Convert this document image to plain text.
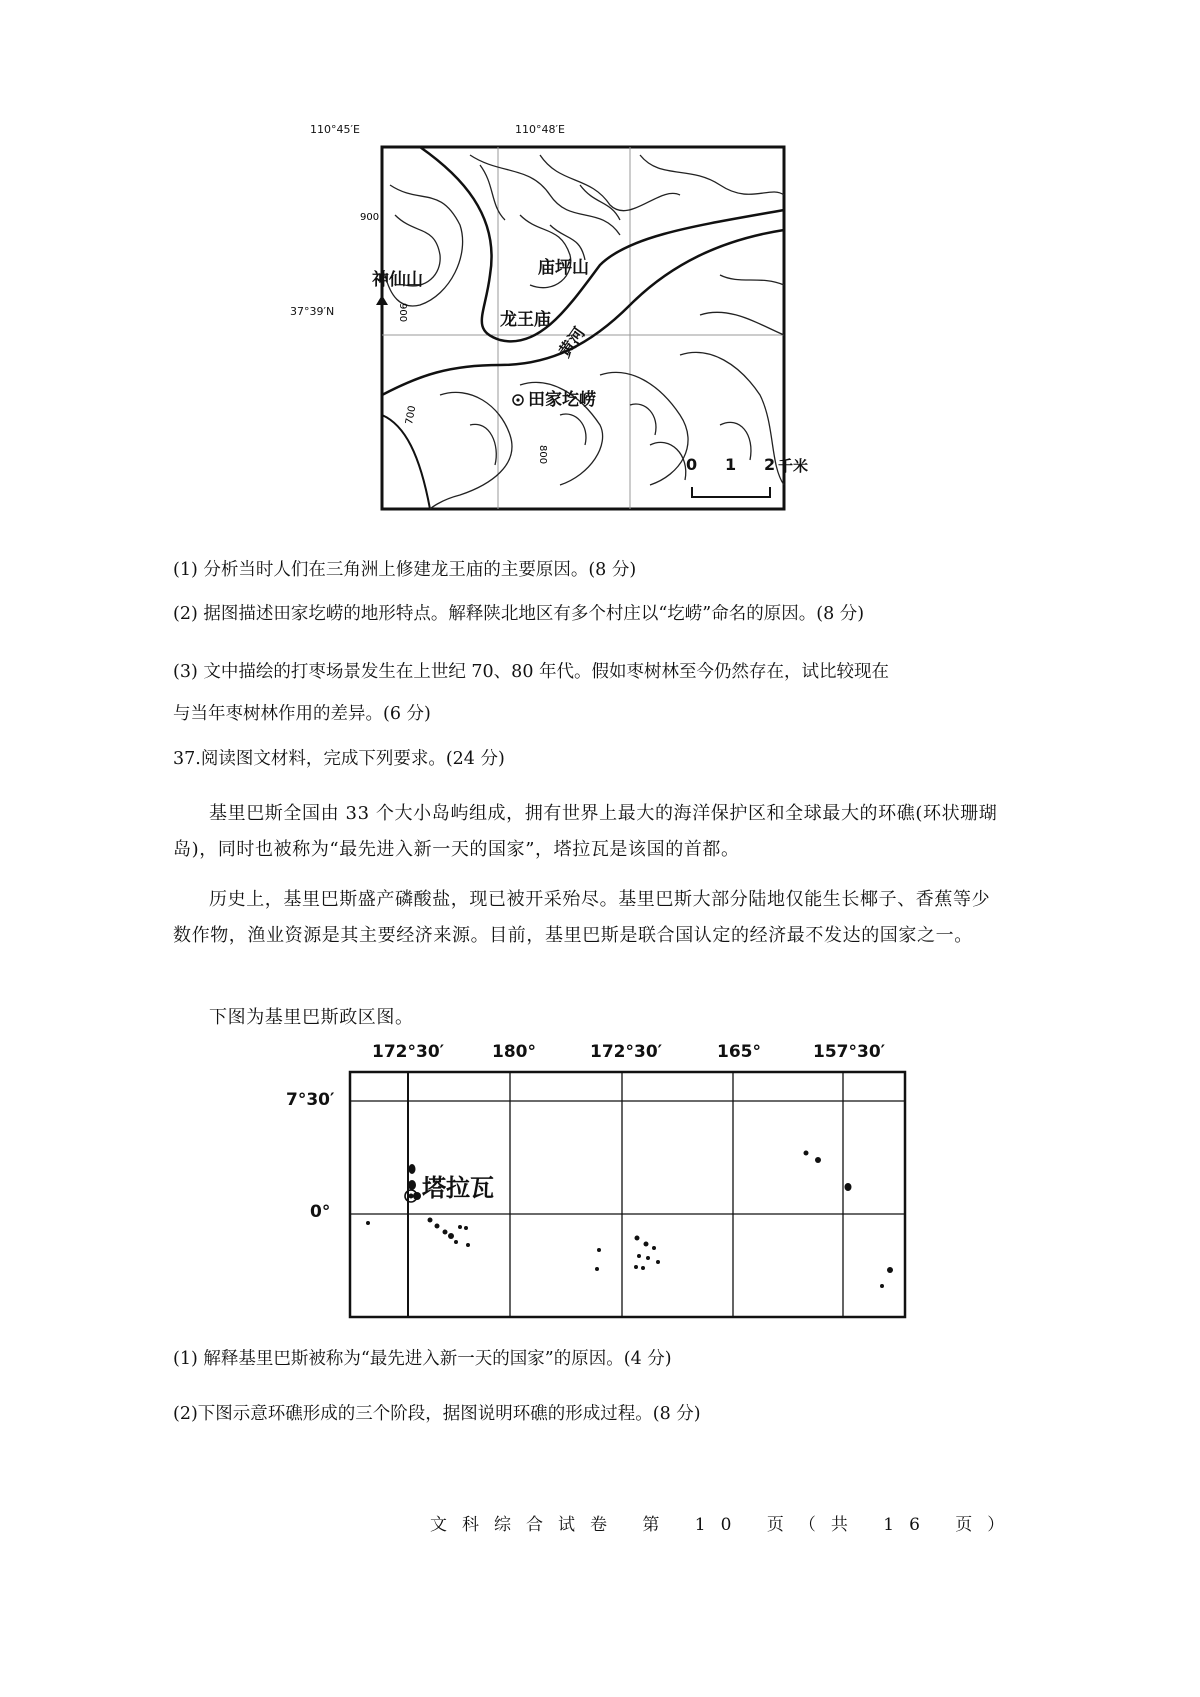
900
700
800
900
110°45′E	110°48′E
37°39′N
神仙山
庙坪山
龙王庙
田家圪崂
黄河
0 1 2 千米
(1) 分析当时人们在三角洲上修建龙王庙的主要原因。(8 分)
(2) 据图描述田家圪崂的地形特点。解释陕北地区有多个村庄以“圪崂”命名的原因。(8 分)
(3) 文中描绘的打枣场景发生在上世纪 70、80 年代。假如枣树林至今仍然存在，试比较现在
与当年枣树林作用的差异。(6 分)
37.阅读图文材料，完成下列要求。(24 分)
基里巴斯全国由 33 个大小岛屿组成，拥有世界上最大的海洋保护区和全球最大的环礁(环状珊瑚岛)，同时也被称为“最先进入新一天的国家”，塔拉瓦是该国的首都。
历史上，基里巴斯盛产磷酸盐，现已被开采殆尽。基里巴斯大部分陆地仅能生长椰子、香蕉等少数作物，渔业资源是其主要经济来源。目前，基里巴斯是联合国认定的经济最不发达的国家之一。
下图为基里巴斯政区图。
172°30′	180°	172°30′	165°	157°30′
7°30′
0°
塔拉瓦
(1) 解释基里巴斯被称为“最先进入新一天的国家”的原因。(4 分)
(2)下图示意环礁形成的三个阶段，据图说明环礁的形成过程。(8 分)
文科综合试卷 第 10 页（共 16 页）
